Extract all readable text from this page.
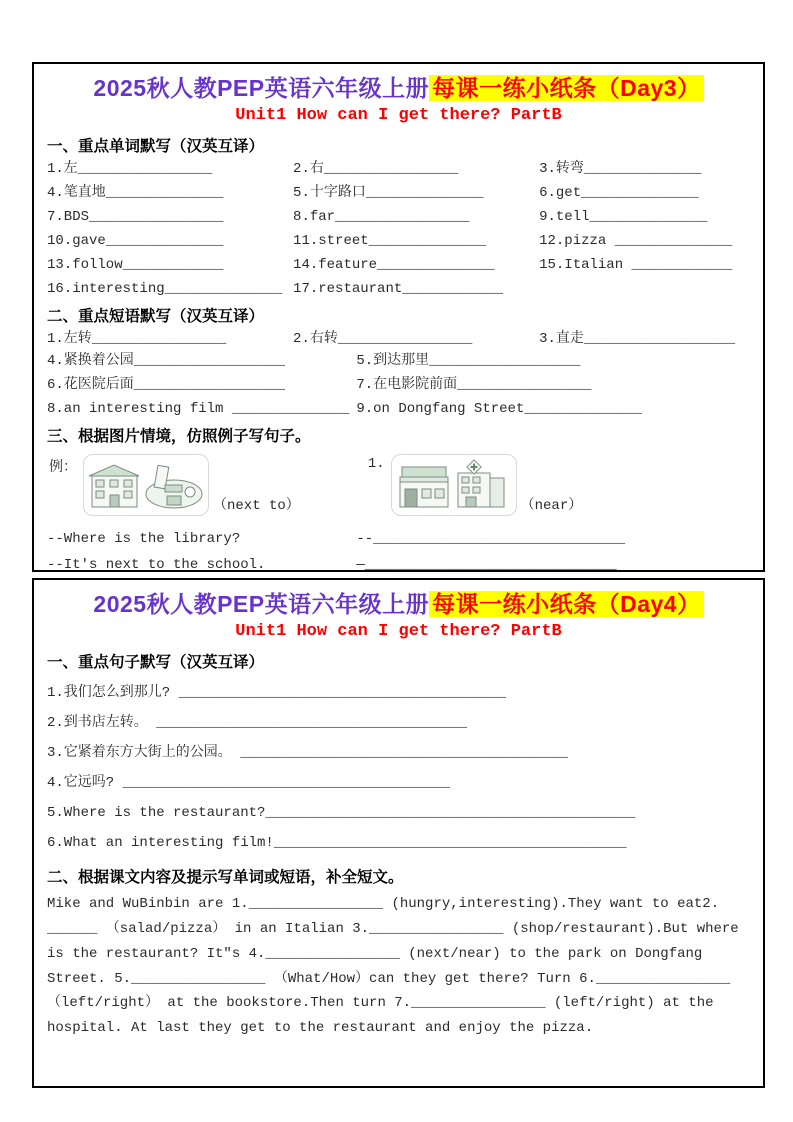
2025秋人教PEP英语六年级上册 每课一练小纸条（Day3）
Unit1 How can I get there? PartB
一、重点单词默写（汉英互译）
1.左________________	2.右________________	3.转弯______________
4.笔直地______________	5.十字路口______________	6.get______________
7.BDS________________	8.far________________	9.tell______________
10.gave______________	11.street______________	12.pizza ______________
13.follow____________	14.feature______________	15.Italian ____________
16.interesting______________ 17.restaurant____________
二、重点短语默写（汉英互译）
1.左转________________	2.右转________________	3.直走__________________
4.紧换着公园__________________	5.到达那里__________________
6.花医院后面__________________	7.在电影院前面________________
8.an interesting film ______________ 9.on Dongfang Street______________
三、根据图片情境，仿照例子写句子。
例：
（next to）
1.
（near）
--Where is the library?
--It's next to the school.
--______________________________
—______________________________
2025秋人教PEP英语六年级上册 每课一练小纸条（Day4）
Unit1 How can I get there? PartB
一、重点句子默写（汉英互译）
1.我们怎么到那儿? _______________________________________
2.到书店左转。 _____________________________________
3.它紧着东方大街上的公园。 _______________________________________
4.它远吗? _______________________________________
5.Where is the restaurant?____________________________________________
6.What an interesting film!__________________________________________
二、根据课文内容及提示写单词或短语，补全短文。

Mike and WuBinbin are 1.________________ (hungry,interesting).They want to eat2. ______ （salad/pizza） in an Italian 3.________________ (shop/restaurant).But where is the restaurant? It"s 4.________________ (next/near) to the park on Dongfang Street. 5.________________ （What/How）can they get there? Turn 6.________________ （left/right） at the bookstore.Then turn 7.________________ (left/right) at the hospital. At last they get to the restaurant and enjoy the pizza.
